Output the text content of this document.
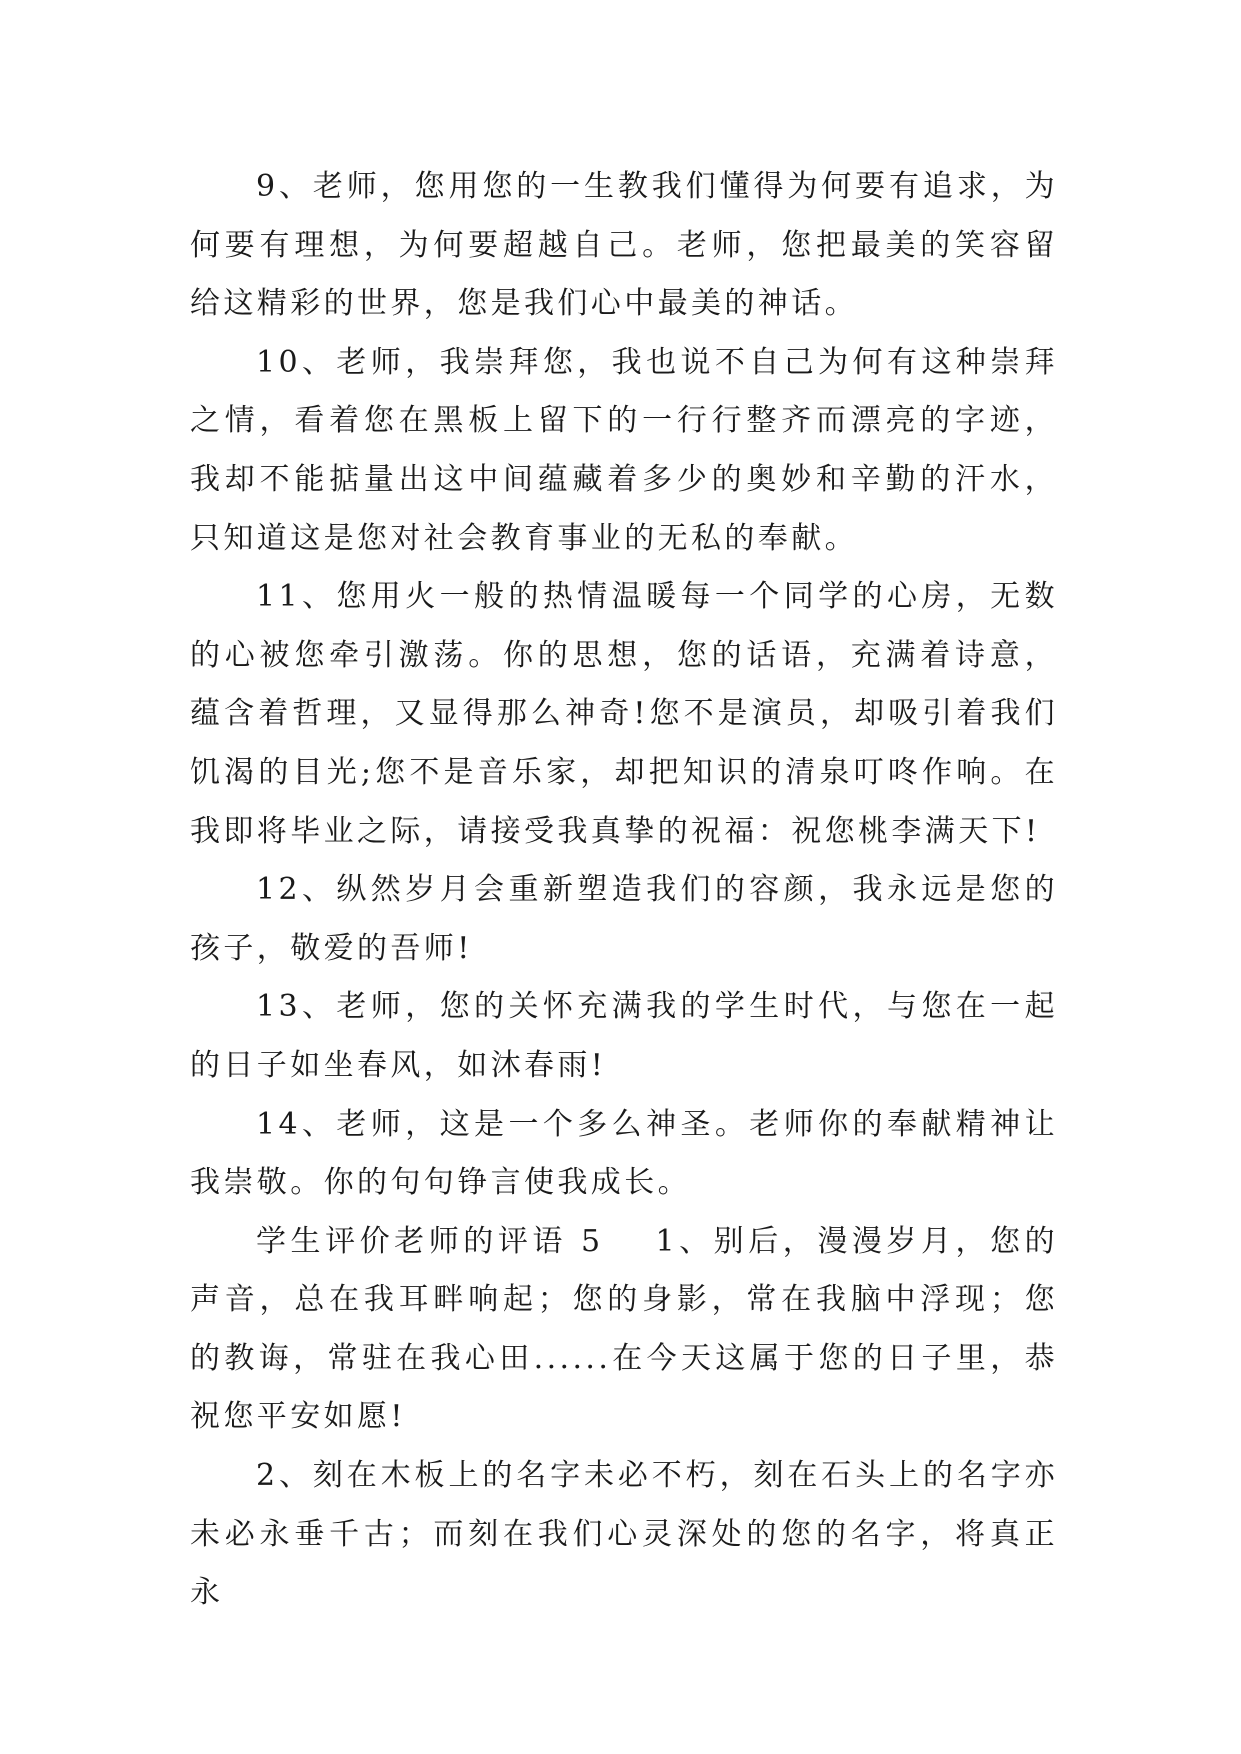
9、老师，您用您的一生教我们懂得为何要有追求，为何要有理想，为何要超越自己。老师，您把最美的笑容留给这精彩的世界，您是我们心中最美的神话。

10、老师，我崇拜您，我也说不自己为何有这种崇拜之情，看着您在黑板上留下的一行行整齐而漂亮的字迹，我却不能掂量出这中间蕴藏着多少的奥妙和辛勤的汗水，只知道这是您对社会教育事业的无私的奉献。

11、您用火一般的热情温暖每一个同学的心房，无数的心被您牵引激荡。你的思想，您的话语，充满着诗意，蕴含着哲理，又显得那么神奇!您不是演员，却吸引着我们饥渴的目光;您不是音乐家，却把知识的清泉叮咚作响。在我即将毕业之际，请接受我真挚的祝福：祝您桃李满天下!

12、纵然岁月会重新塑造我们的容颜，我永远是您的孩子，敬爱的吾师!

13、老师，您的关怀充满我的学生时代，与您在一起的日子如坐春风，如沐春雨!

14、老师，这是一个多么神圣。老师你的奉献精神让我崇敬。你的句句铮言使我成长。

学生评价老师的评语 5 1、别后，漫漫岁月，您的声音，总在我耳畔响起；您的身影，常在我脑中浮现；您的教诲，常驻在我心田......在今天这属于您的日子里，恭祝您平安如愿!

2、刻在木板上的名字未必不朽，刻在石头上的名字亦未必永垂千古；而刻在我们心灵深处的您的名字，将真正永
